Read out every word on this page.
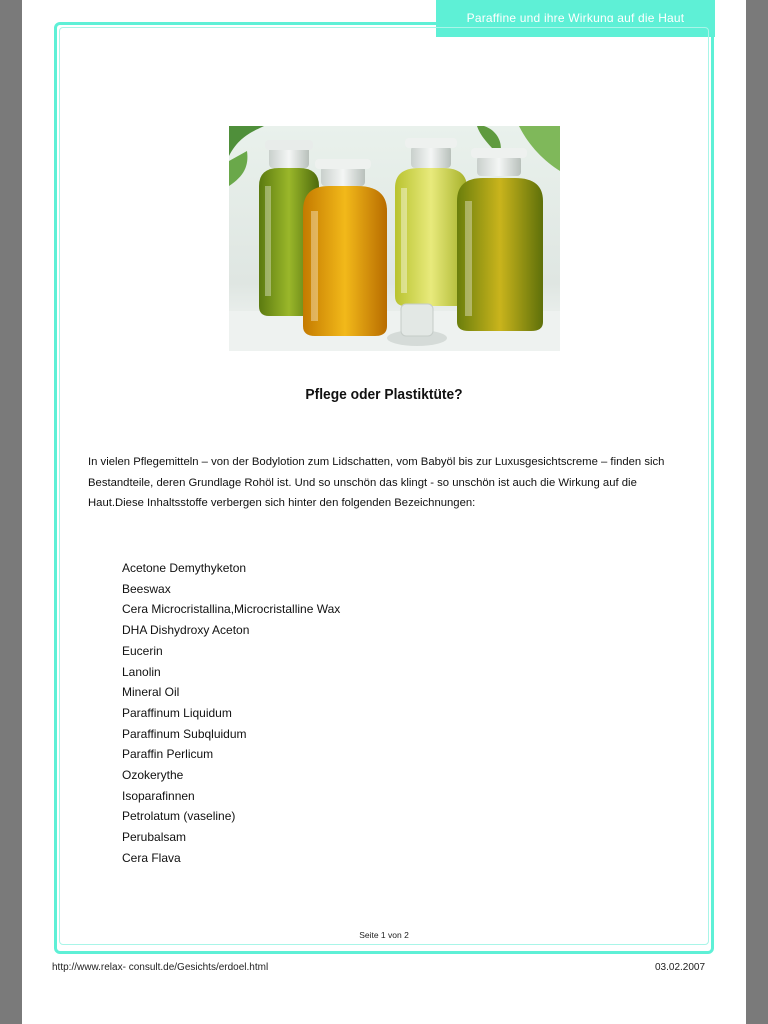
Paraffine und ihre Wirkung auf die Haut
Pflege oder Plastiktüte?
In vielen Pflegemitteln – von der Bodylotion zum Lidschatten, vom Babyöl bis zur Luxusgesichtscreme – finden sich Bestandteile, deren Grundlage Rohöl ist. Und so unschön das klingt - so unschön ist auch die Wirkung auf die Haut.Diese Inhaltsstoffe verbergen sich hinter den folgenden Bezeichnungen:
Acetone Demythyketon
Beeswax
Cera Microcristallina,Microcristalline Wax
DHA Dishydroxy Aceton
Eucerin
Lanolin
Mineral Oil
Paraffinum Liquidum
Paraffinum Subqluidum
Paraffin Perlicum
Ozokerythe
Isoparafinnen
Petrolatum (vaseline)
Perubalsam
Cera Flava
Seite 1 von 2
http://www.relax- consult.de/Gesichts/erdoel.html	03.02.2007
